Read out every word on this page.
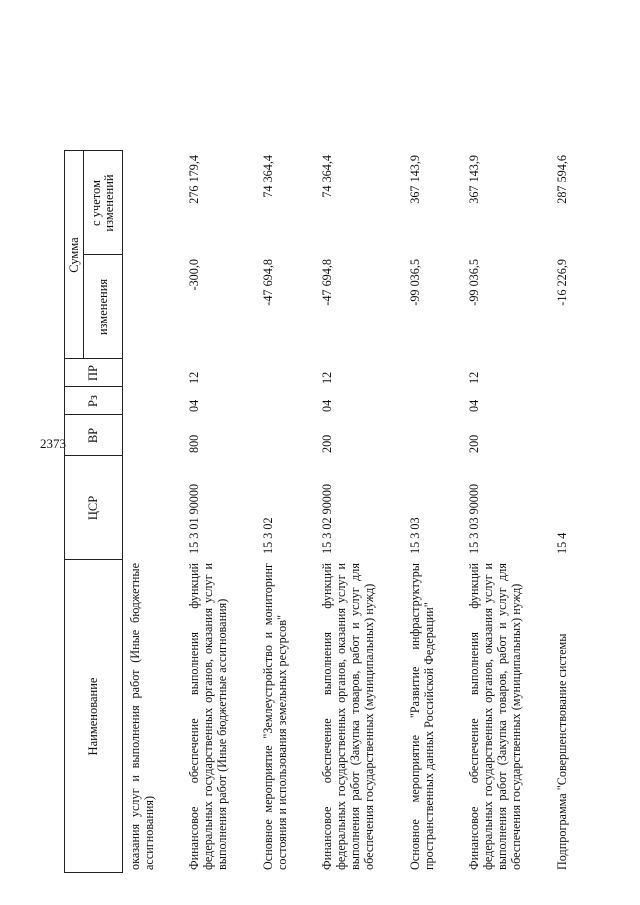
2373
Наименование
ЦСР
ВР
Рз
ПР
Сумма
изменения
с учетом изменений
оказания услуг и выполнения работ (Иные бюджетные ассигнования)	Финансовое обеспечение выполнения функций федеральных государственных органов, оказания услуг и выполнения работ (Иные бюджетные ассигнования)
15 3 01 90000
800
04
12
-300,0
276 179,4
Основное мероприятие "Землеустройство и мониторинг состояния и использования земельных ресурсов"
15 3 02
-47 694,8
74 364,4
Финансовое обеспечение выполнения функций федеральных государственных органов, оказания услуг и выполнения работ (Закупка товаров, работ и услуг для обеспечения государственных (муниципальных) нужд)
15 3 02 90000
200
04
12
-47 694,8
74 364,4
Основное мероприятие "Развитие инфраструктуры пространственных данных Российской Федерации"
15 3 03
-99 036,5
367 143,9
Финансовое обеспечение выполнения функций федеральных государственных органов, оказания услуг и выполнения работ (Закупка товаров, работ и услуг для обеспечения государственных (муниципальных) нужд)
15 3 03 90000
200
04
12
-99 036,5
367 143,9
Подпрограмма "Совершенствование системы
15 4
-16 226,9
287 594,6
